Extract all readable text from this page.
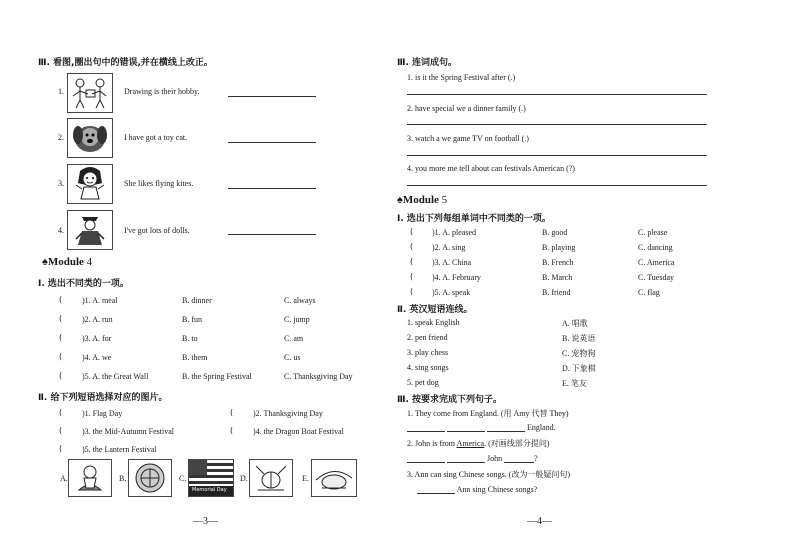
Ⅲ. 看图,圈出句中的错误,并在横线上改正。
1.	Drawing is their hobby.
2.	I have got a toy cat.
3.	She likes flying kites.
4.	I've got lots of dolls.
♠Module 4
Ⅰ. 选出不同类的一项。
( )1. A. meal	B. dinner	C. always
( )2. A. run	B. fun	C. jump
( )3. A. for	B. to	C. am
( )4. A. we	B. them	C. us
( )5. A. the Great Wall	B. the Spring Festival	C. Thanksgiving Day
Ⅱ. 给下列短语选择对应的图片。
( )1. Flag Day	( )2. Thanksgiving Day
( )3. the Mid-Autumn Festival	( )4. the Dragon Boat Festival
( )5. the Lantern Festival
A.	B.	C.
Memorial Day
D.	E.
—3—
Ⅲ. 连词成句。
1. is it the Spring Festival after (.)
2. have special we a dinner family (.)
3. watch a we game TV on football (.)
4. you more me tell about can festivals American (?)
♠Module 5
Ⅰ. 选出下列每组单词中不同类的一项。
( )1. A. pleased	B. good	C. please
( )2. A. sing	B. playing	C. dancing
( )3. A. China	B. French	C. America
( )4. A. February	B. March	C. Tuesday
( )5. A. speak	B. friend	C. flag
Ⅱ. 英汉短语连线。
1. speak English	A. 唱歌
2. pen friend	B. 说英语
3. play chess	C. 宠物狗
4. sing songs	D. 下象棋
5. pet dog	E. 笔友
Ⅲ. 按要求完成下列句子。
1. They come from England. (用 Amy 代替 They)
England.
2. John is from America. (对画线部分提问)
John	?
3. Ann can sing Chinese songs. (改为一般疑问句)
Ann sing Chinese songs?
—4—
